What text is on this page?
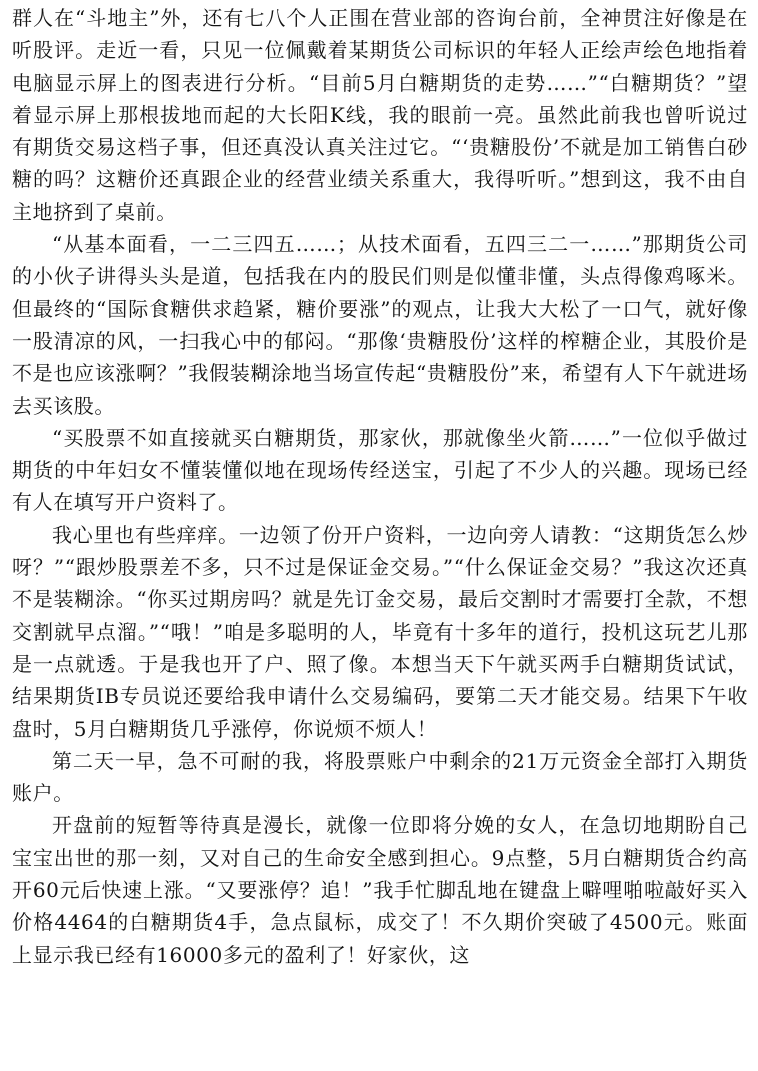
群人在“斗地主”外，还有七八个人正围在营业部的咨询台前，全神贯注好像是在听股评。走近一看，只见一位佩戴着某期货公司标识的年轻人正绘声绘色地指着电脑显示屏上的图表进行分析。“目前5月白糖期货的走势……”“白糖期货？”望着显示屏上那根拔地而起的大长阳K线，我的眼前一亮。虽然此前我也曾听说过有期货交易这档子事，但还真没认真关注过它。“‘贵糖股份’不就是加工销售白砂糖的吗？这糖价还真跟企业的经营业绩关系重大，我得听听。”想到这，我不由自主地挤到了桌前。

“从基本面看，一二三四五……；从技术面看，五四三二一……”那期货公司的小伙子讲得头头是道，包括我在内的股民们则是似懂非懂，头点得像鸡啄米。但最终的“国际食糖供求趋紧，糖价要涨”的观点，让我大大松了一口气，就好像一股清凉的风，一扫我心中的郁闷。“那像‘贵糖股份’这样的榨糖企业，其股价是不是也应该涨啊？”我假装糊涂地当场宣传起“贵糖股份”来，希望有人下午就进场去买该股。

“买股票不如直接就买白糖期货，那家伙，那就像坐火箭……”一位似乎做过期货的中年妇女不懂装懂似地在现场传经送宝，引起了不少人的兴趣。现场已经有人在填写开户资料了。

我心里也有些痒痒。一边领了份开户资料，一边向旁人请教：“这期货怎么炒呀？”“跟炒股票差不多，只不过是保证金交易。”“什么保证金交易？”我这次还真不是装糊涂。“你买过期房吗？就是先订金交易，最后交割时才需要打全款，不想交割就早点溜。”“哦！”咱是多聪明的人，毕竟有十多年的道行，投机这玩艺儿那是一点就透。于是我也开了户、照了像。本想当天下午就买两手白糖期货试试，结果期货IB专员说还要给我申请什么交易编码，要第二天才能交易。结果下午收盘时，5月白糖期货几乎涨停，你说烦不烦人！

第二天一早，急不可耐的我，将股票账户中剩余的21万元资金全部打入期货账户。

开盘前的短暂等待真是漫长，就像一位即将分娩的女人，在急切地期盼自己宝宝出世的那一刻，又对自己的生命安全感到担心。9点整，5月白糖期货合约高开60元后快速上涨。“又要涨停？追！”我手忙脚乱地在键盘上噼哩啪啦敲好买入价格4464的白糖期货4手，急点鼠标，成交了！不久期价突破了4500元。账面上显示我已经有16000多元的盈利了！好家伙，这
